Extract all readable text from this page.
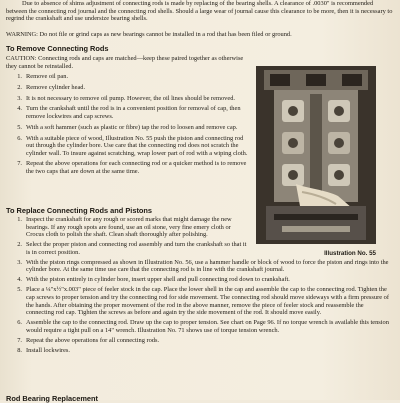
Due to absence of shims adjustment of connecting rods is made by replacing of the bearing shells. A clearance of .0030" is recommended between the connecting rod journal and the connecting rod shells. Should a large wear of journal cause this clearance to be more, then it is necessary to regrind the crankshaft and use undersize bearing shells.

WARNING: Do not file or grind caps as new bearings cannot be installed in a rod that has been filed or ground.

To Remove Connecting Rods

CAUTION: Connecting rods and caps are matched—keep these paired together as otherwise they cannot be reinstalled.

1. Remove oil pan.
2. Remove cylinder head.
3. It is not necessary to remove oil pump. However, the oil lines should be removed.
4. Turn the crankshaft until the rod is in a convenient position for removal of cap, then remove lockwires and cap screws.
5. With a soft hammer (such as plastic or fibre) tap the rod to loosen and remove cap.
6. With a suitable piece of wood, Illustration No. 55 push the piston and connecting rod out through the cylinder bore. Use care that the connecting rod does not scratch the cylinder wall. To insure against scratching, wrap lower part of rod with a wiping cloth.
7. Repeat the above operations for each connecting rod or a quicker method is to remove the two caps that are down at the same time.
Illustration No. 55
To Replace Connecting Rods and Pistons
1. Inspect the crankshaft for any rough or scored marks that might damage the new bearings. If any rough spots are found, use an oil stone, very fine emery cloth or Crocus cloth to polish the shaft. Clean shaft thoroughly after polishing.
2. Select the proper piston and connecting rod assembly and turn the crankshaft so that it is in correct position.
3. With the piston rings compressed as shown in Illustration No. 56, use a hammer handle or block of wood to force the piston and rings into the cylinder bore. At the same time use care that the connecting rod is in line with the crankshaft journal.
4. With the piston entirely in cylinder bore, insert upper shell and pull connecting rod down to crankshaft.
5. Place a ¼"x½"x.003" piece of feeler stock in the cap. Place the lower shell in the cap and assemble the cap to the connecting rod. Tighten the cap screws to proper tension and try the connecting rod for side movement. The connecting rod should move sideways with a firm pressure of the hands. After obtaining the proper movement of the rod in the above manner, remove the piece of feeler stock and reassemble the connecting rod cap. Tighten the screws as before and again try the side movement of the rod. It should move easily.
6. Assemble the cap to the connecting rod. Draw up the cap to proper tension. See chart on Page 96. If no torque wrench is available this tension would require a tight pull on a 14" wrench. Illustration No. 71 shows use of torque tension wrench.
7. Repeat the above operations for all connecting rods.
8. Install lockwires.
Rod Bearing Replacement
